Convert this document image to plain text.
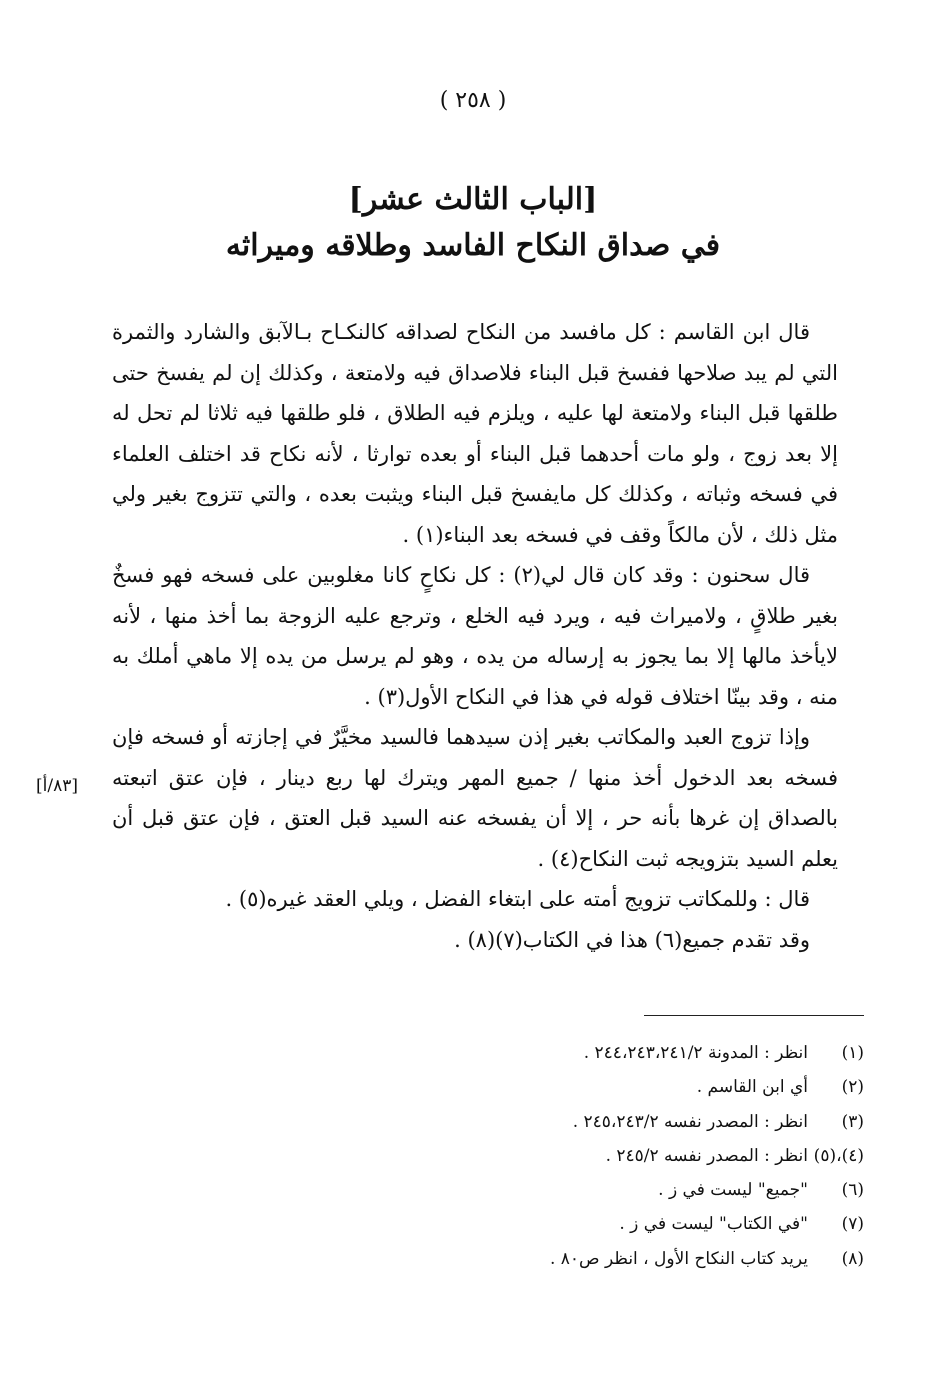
( ٢٥٨ )
[الباب الثالث عشر]
في صداق النكاح الفاسد وطلاقه وميراثه

قال ابن القاسم : كل مافسد من النكاح لصداقه كالنكـاح بـالآبق والشارد والثمرة التي لم يبد صلاحها ففسخ قبل البناء فلاصداق فيه ولامتعة ، وكذلك إن لم يفسخ حتى طلقها قبل البناء ولامتعة لها عليه ، ويلزم فيه الطلاق ، فلو طلقها فيه ثلاثا لم تحل له إلا بعد زوج ، ولو مات أحدهما قبل البناء أو بعده توارثا ، لأنه نكاح قد اختلف العلماء في فسخه وثباته ، وكذلك كل مايفسخ قبل البناء ويثبت بعده ، والتي تتزوج بغير ولي مثل ذلك ، لأن مالكاً وقف في فسخه بعد البناء(١) .

قال سحنون : وقد كان قال لي(٢) : كل نكاحٍ كانا مغلوبين على فسخه فهو فسخٌ بغير طلاقٍ ، ولاميراث فيه ، ويرد فيه الخلع ، وترجع عليه الزوجة بما أخذ منها ، لأنه لايأخذ مالها إلا بما يجوز به إرساله من يده ، وهو لم يرسل من يده إلا ماهي أملك به منه ، وقد بينّا اختلاف قوله في هذا في النكاح الأول(٣) .

وإذا تزوج العبد والمكاتب بغير إذن سيدهما فالسيد مخيَّرٌ في إجازته أو فسخه فإن فسخه بعد الدخول أخذ منها / جميع المهر ويترك لها ربع دينار ، فإن عتق اتبعته بالصداق إن غرها بأنه حر ، إلا أن يفسخه عنه السيد قبل العتق ، فإن عتق قبل أن يعلم السيد بتزويجه ثبت النكاح(٤) .

قال : وللمكاتب تزويج أمته على ابتغاء الفضل ، ويلي العقد غيره(٥) .

وقد تقدم جميع(٦) هذا في الكتاب(٧)(٨) .

[٨٣/أ]
(١)
انظر : المدونة ٢٤٤،٢٤٣،٢٤١/٢ .
(٢)
أي ابن القاسم .
(٣)
انظر : المصدر نفسه ٢٤٥،٢٤٣/٢ .
(٤)،(٥)
انظر : المصدر نفسه ٢٤٥/٢ .
(٦)
"جميع" ليست في ز .
(٧)
"في الكتاب" ليست في ز .
(٨)
يريد كتاب النكاح الأول ، انظر ص٨٠ .
